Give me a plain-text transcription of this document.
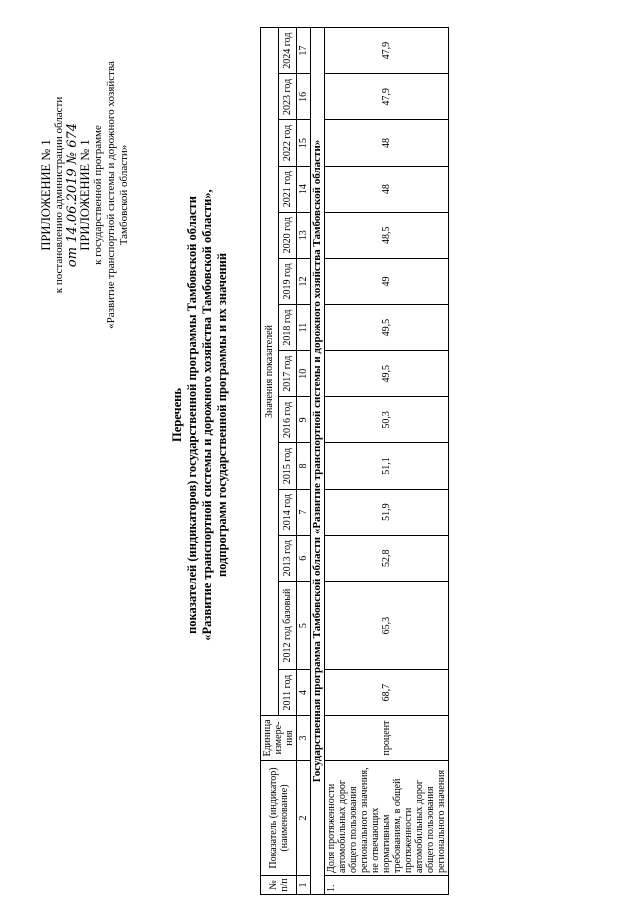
ПРИЛОЖЕНИЕ № 1 к постановлению администрации области от 14.06.2019 № 674
ПРИЛОЖЕНИЕ № 1 к государственной программе «Развитие транспортной системы и дорожного хозяйства Тамбовской области»
Перечень показателей (индикаторов) государственной программы Тамбовской области «Развитие транспортной системы и дорожного хозяйства Тамбовской области», подпрограмм государственной программы и их значений
№ п/п	Показатель (индикатор) (наименование)	Единица измере-ния	Значения показателей													
			2011 год	2012 год базовый	2013 год	2014 год	2015 год	2016 год	2017 год	2018 год	2019 год	2020 год	2021 год	2022 год	2023 год	2024 год
1	2	3	4	5	6	7	8	9	10	11	12	13	14	15	16	17
Государственная программа Тамбовской области «Развитие транспортной системы и дорожного хозяйства Тамбовской области»																
1.	Доля протяженности автомобильных дорог общего пользования регионального значения, не отвечающих нормативным требованиям, в общей протяженности автомобильных дорог общего пользования регионального значения	процент	68,7	65,3	52,8	51,9	51,1	50,3	49,5	49,5	49	48,5	48	48	47,9	47,9
